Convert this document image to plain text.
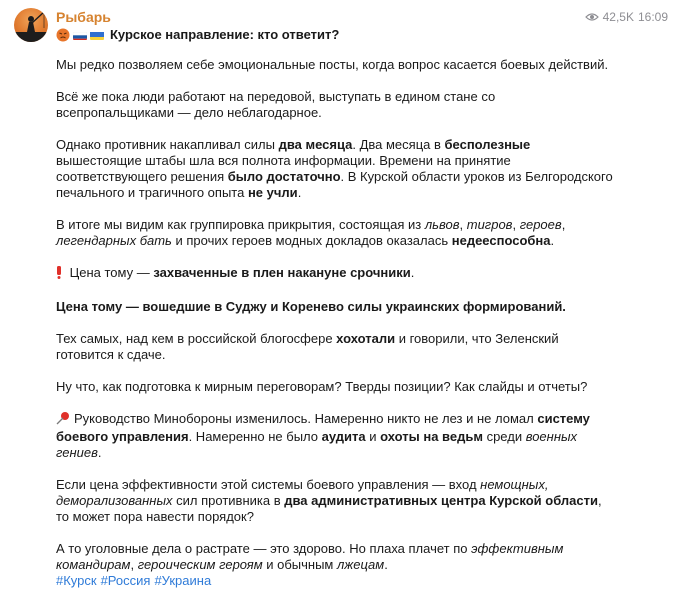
Рыбарь	42,5K 16:09
Курское направление: кто ответит?

Мы редко позволяем себе эмоциональные посты, когда вопрос касается боевых действий.

Всё же пока люди работают на передовой, выступать в едином стане со всепропальщиками — дело неблагодарное.

Однако противник накапливал силы два месяца. Два месяца в бесполезные вышестоящие штабы шла вся полнота информации. Времени на принятие соответствующего решения было достаточно. В Курской области уроков из Белгородского печального и трагичного опыта не учли.

В итоге мы видим как группировка прикрытия, состоящая из львов, тигров, героев, легендарных бать и прочих героев модных докладов оказалась недееспособна.

Цена тому — захваченные в плен накануне срочники.

Цена тому — вошедшие в Суджу и Коренево силы украинских формирований.

Тех самых, над кем в российской блогосфере хохотали и говорили, что Зеленский готовится к сдаче.

Ну что, как подготовка к мирным переговорам? Тверды позиции? Как слайды и отчеты?

Руководство Минобороны изменилось. Намеренно никто не лез и не ломал систему боевого управления. Намеренно не было аудита и охоты на ведьм среди военных гениев.

Если цена эффективности этой системы боевого управления — вход немощных, деморализованных сил противника в два административных центра Курской области, то может пора навести порядок?

А то уголовные дела о растрате — это здорово. Но плаха плачет по эффективным командирам, героическим героям и обычным лжецам.

#Курск #Россия #Украина
